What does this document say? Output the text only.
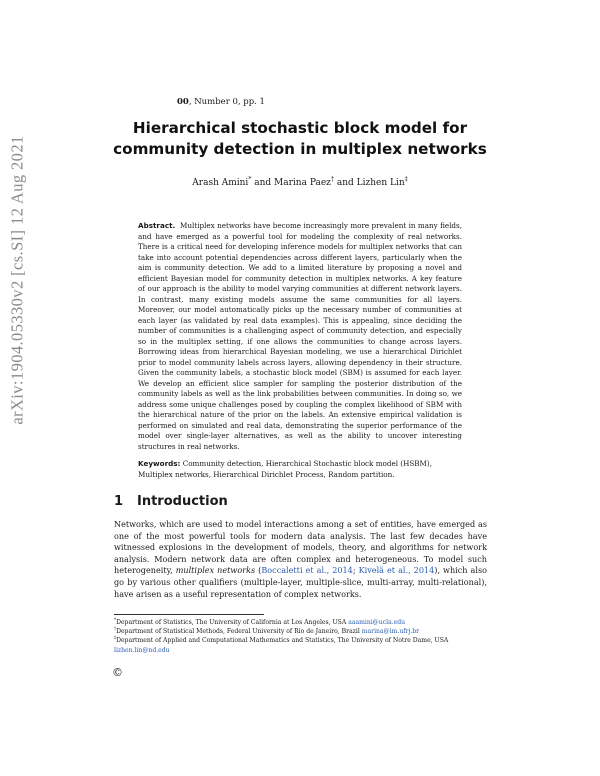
arXiv:1904.05330v2 [cs.SI] 12 Aug 2021
00, Number 0, pp. 1
Hierarchical stochastic block model for
community detection in multiplex networks
Arash Amini* and Marina Paez† and Lizhen Lin‡
Abstract. Multiplex networks have become increasingly more prevalent in many fields, and have emerged as a powerful tool for modeling the complexity of real networks. There is a critical need for developing inference models for multiplex networks that can take into account potential dependencies across different layers, particularly when the aim is community detection. We add to a limited literature by proposing a novel and efficient Bayesian model for community detection in multiplex networks. A key feature of our approach is the ability to model varying communities at different network layers. In contrast, many existing models assume the same communities for all layers. Moreover, our model automatically picks up the necessary number of communities at each layer (as validated by real data examples). This is appealing, since deciding the number of communities is a challenging aspect of community detection, and especially so in the multiplex setting, if one allows the communities to change across layers. Borrowing ideas from hierarchical Bayesian modeling, we use a hierarchical Dirichlet prior to model community labels across layers, allowing dependency in their structure. Given the community labels, a stochastic block model (SBM) is assumed for each layer. We develop an efficient slice sampler for sampling the posterior distribution of the community labels as well as the link probabilities between communities. In doing so, we address some unique challenges posed by coupling the complex likelihood of SBM with the hierarchical nature of the prior on the labels. An extensive empirical validation is performed on simulated and real data, demonstrating the superior performance of the model over single-layer alternatives, as well as the ability to uncover interesting structures in real networks.
Keywords: Community detection, Hierarchical Stochastic block model (HSBM), Multiplex networks, Hierarchical Dirichlet Process, Random partition.
1 Introduction
Networks, which are used to model interactions among a set of entities, have emerged as one of the most powerful tools for modern data analysis. The last few decades have witnessed explosions in the development of models, theory, and algorithms for network analysis. Modern network data are often complex and heterogeneous. To model such heterogeneity, multiplex networks (Boccaletti et al., 2014; Kivelä et al., 2014), which also go by various other qualifiers (multiple-layer, multiple-slice, multi-array, multi-relational), have arisen as a useful representation of complex networks.
*Department of Statistics, The University of California at Los Angeles, USA aaamini@ucla.edu
†Department of Statistical Methods, Federal University of Rio de Janeiro, Brazil marina@im.ufrj.br
‡Department of Applied and Computational Mathematics and Statistics, The University of Notre Dame, USA lizhen.lin@nd.edu
©
